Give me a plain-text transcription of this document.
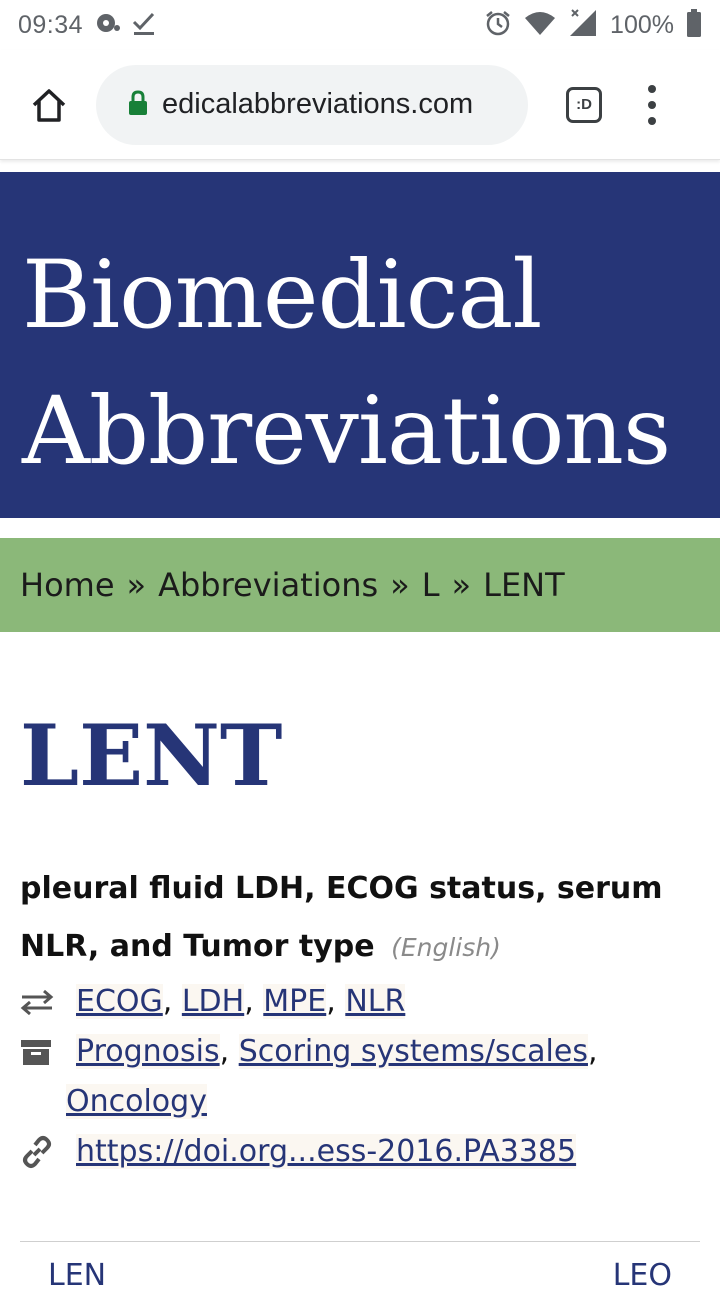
09:34	100%
edicalabbreviations.com	:D
Biomedical
Abbreviations
Home » Abbreviations » L » LENT
LENT
pleural fluid LDH, ECOG status, serum NLR, and Tumor type (English)
ECOG, LDH, MPE, NLR
Prognosis, Scoring systems/scales,
Oncology
https://doi.org...ess-2016.PA3385
LEN	LEO
